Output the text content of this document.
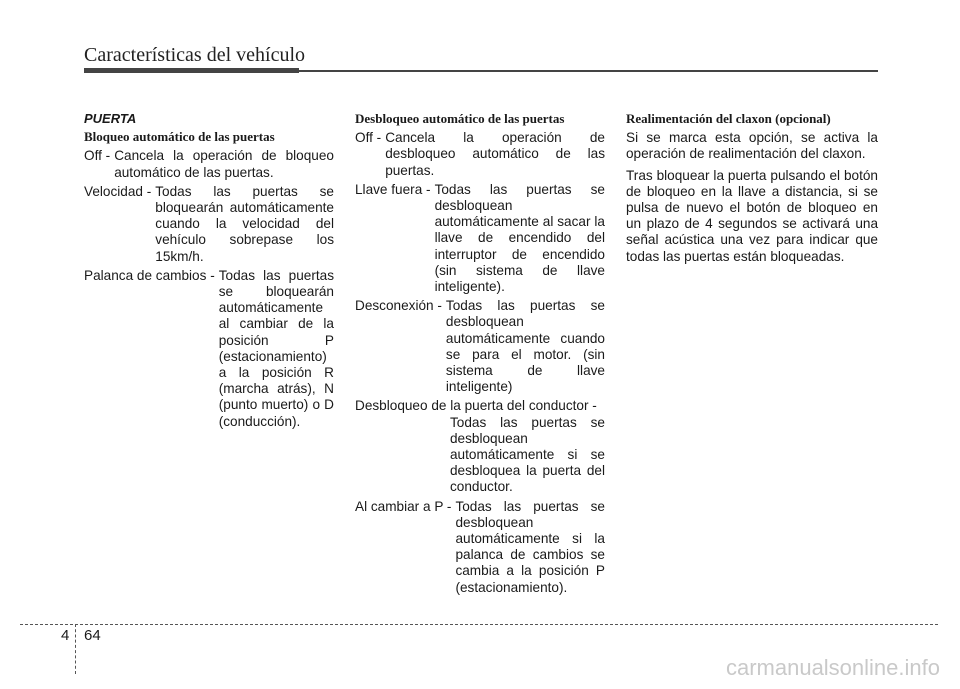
Características del vehículo
PUERTA
Bloqueo automático de las puertas
Off - Cancela la operación de bloqueo automático de las puertas.
Velocidad - Todas las puertas se bloquearán automáticamente cuando la velocidad del vehículo sobrepase los 15km/h.
Palanca de cambios - Todas las puertas se bloquearán automáticamente al cambiar de la posición P (estacionamiento) a la posición R (marcha atrás), N (punto muerto) o D (conducción).
Desbloqueo automático de las puertas
Off - Cancela la operación de desbloqueo automático de las puertas.
Llave fuera - Todas las puertas se desbloquean automáticamente al sacar la llave de encendido del interruptor de encendido (sin sistema de llave inteligente).
Desconexión - Todas las puertas se desbloquean automáticamente cuando se para el motor. (sin sistema de llave inteligente)
Desbloqueo de la puerta del conductor -
Todas las puertas se desbloquean automáticamente si se desbloquea la puerta del conductor.
Al cambiar a P - Todas las puertas se desbloquean automáticamente si la palanca de cambios se cambia a la posición P (estacionamiento).
Realimentación del claxon (opcional)

Si se marca esta opción, se activa la operación de realimentación del claxon.

Tras bloquear la puerta pulsando el botón de bloqueo en la llave a distancia, si se pulsa de nuevo el botón de bloqueo en un plazo de 4 segundos se activará una señal acústica una vez para indicar que todas las puertas están bloqueadas.

4 64
carmanualsonline.info
